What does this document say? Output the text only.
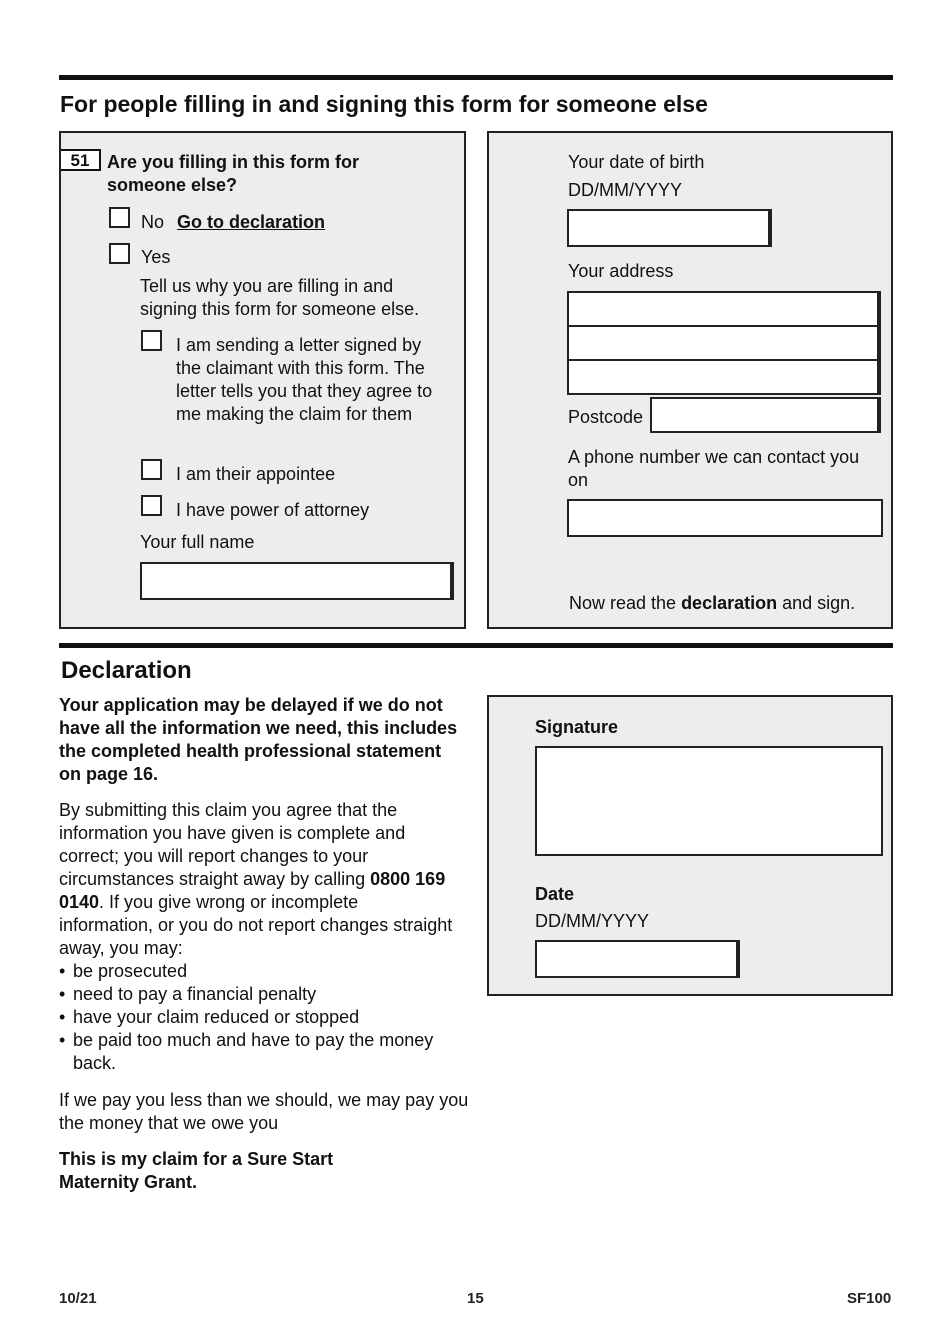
For people filling in and signing this form for someone else
51 Are you filling in this form for someone else?
No Go to declaration
Yes
Tell us why you are filling in and signing this form for someone else.
I am sending a letter signed by the claimant with this form. The letter tells you that they agree to me making the claim for them
I am their appointee
I have power of attorney
Your full name
Your date of birth
DD/MM/YYYY
Your address
Postcode
A phone number we can contact you on
Now read the declaration and sign.
Declaration
Your application may be delayed if we do not have all the information we need, this includes the completed health professional statement on page 16.
By submitting this claim you agree that the information you have given is complete and correct; you will report changes to your circumstances straight away by calling 0800 169 0140. If you give wrong or incomplete information, or you do not report changes straight away, you may:
• be prosecuted
• need to pay a financial penalty
• have your claim reduced or stopped
• be paid too much and have to pay the money back.
If we pay you less than we should, we may pay you the money that we owe you
This is my claim for a Sure Start Maternity Grant.
Signature
Date
DD/MM/YYYY
10/21	15	SF100
